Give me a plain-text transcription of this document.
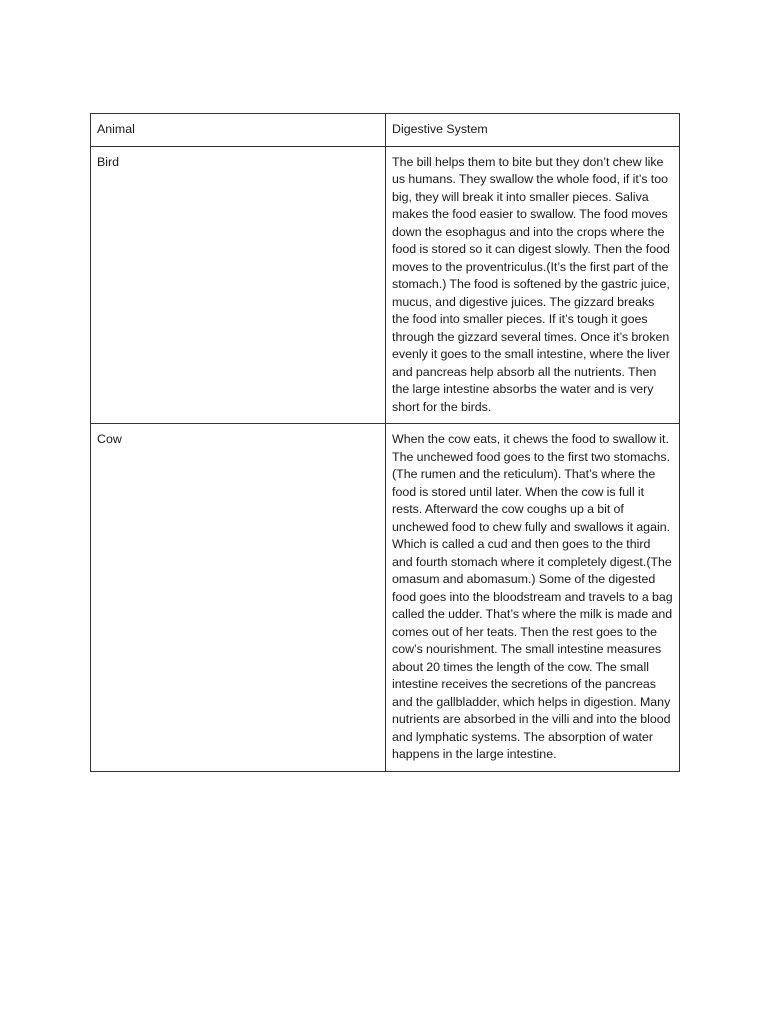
Animal	Digestive System
Bird	The bill helps them to bite but they don’t chew like us humans. They swallow the whole food, if it’s too big, they will break it into smaller pieces. Saliva makes the food easier to swallow. The food moves down the esophagus and into the crops where the food is stored so it can digest slowly. Then the food moves to the proventriculus.(It’s the first part of the stomach.) The food is softened by the gastric juice, mucus, and digestive juices. The gizzard breaks the food into smaller pieces. If it’s tough it goes through the gizzard several times. Once it’s broken evenly it goes to the small intestine, where the liver and pancreas help absorb all the nutrients. Then the large intestine absorbs the water and is very short for the birds.
Cow	When the cow eats, it chews the food to swallow it. The unchewed food goes to the first two stomachs. (The rumen and the reticulum). That’s where the food is stored until later. When the cow is full it rests. Afterward the cow coughs up a bit of unchewed food to chew fully and swallows it again. Which is called a cud and then goes to the third and fourth stomach where it completely digest.(The omasum and abomasum.) Some of the digested food goes into the bloodstream and travels to a bag called the udder. That’s where the milk is made and comes out of her teats. Then the rest goes to the cow’s nourishment. The small intestine measures about 20 times the length of the cow. The small intestine receives the secretions of the pancreas and the gallbladder, which helps in digestion. Many nutrients are absorbed in the villi and into the blood and lymphatic systems. The absorption of water happens in the large intestine.
